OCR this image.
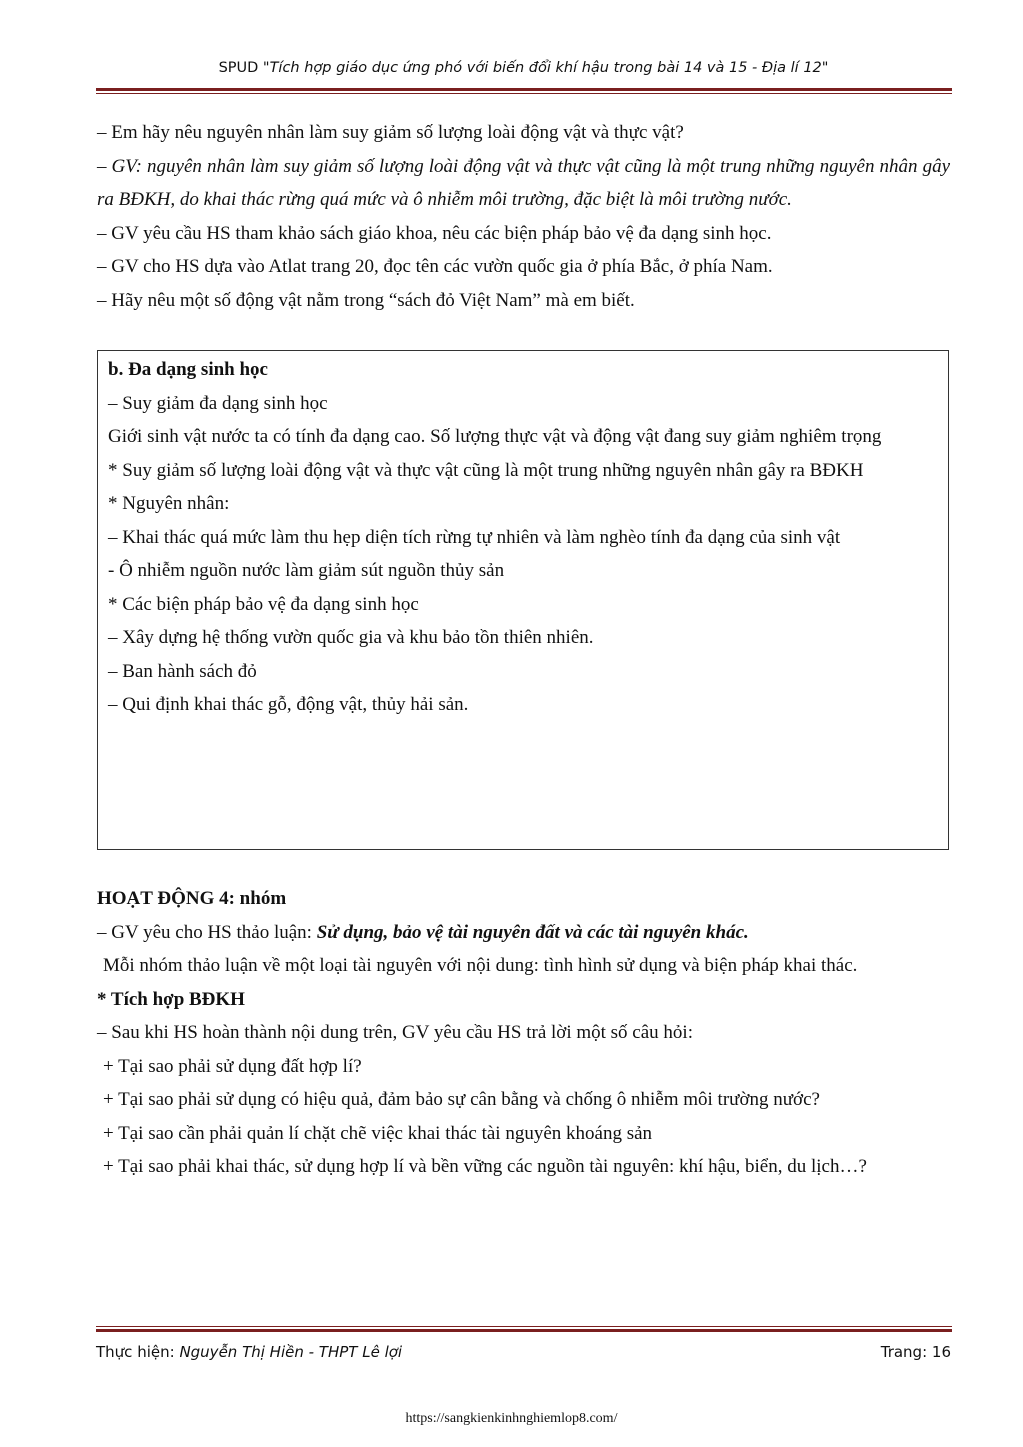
SPUD "Tích hợp giáo dục ứng phó với biến đổi khí hậu trong bài 14 và 15 - Địa lí 12"

– Em hãy nêu nguyên nhân làm suy giảm số lượng loài động vật và thực vật?

– GV: nguyên nhân làm suy giảm số lượng loài động vật và thực vật cũng là một trung những nguyên nhân gây ra BĐKH, do khai thác rừng quá mức và ô nhiễm môi trường, đặc biệt là môi trường nước.

– GV yêu cầu HS tham khảo sách giáo khoa, nêu các biện pháp bảo vệ đa dạng sinh học.

– GV cho HS dựa vào Atlat trang 20, đọc tên các vườn quốc gia ở phía Bắc, ở phía Nam.

– Hãy nêu một số động vật nằm trong “sách đỏ Việt Nam” mà em biết.

b. Đa dạng sinh học

– Suy giảm đa dạng sinh học

Giới sinh vật nước ta có tính đa dạng cao. Số lượng thực vật và động vật đang suy giảm nghiêm trọng

* Suy giảm số lượng loài động vật và thực vật cũng là một trung những nguyên nhân gây ra BĐKH

* Nguyên nhân:

– Khai thác quá mức làm thu hẹp diện tích rừng tự nhiên và làm nghèo tính đa dạng của sinh vật

- Ô nhiễm nguồn nước làm giảm sút nguồn thủy sản

* Các biện pháp bảo vệ đa dạng sinh học

– Xây dựng hệ thống vườn quốc gia và khu bảo tồn thiên nhiên.

– Ban hành sách đỏ

– Qui định khai thác gỗ, động vật, thủy hải sản.

HOẠT ĐỘNG 4: nhóm

– GV yêu cho HS thảo luận: Sử dụng, bảo vệ tài nguyên đất và các tài nguyên khác.

Mỗi nhóm thảo luận về một loại tài nguyên với nội dung: tình hình sử dụng và biện pháp khai thác.

* Tích hợp BĐKH

– Sau khi HS hoàn thành nội dung trên, GV yêu cầu HS trả lời một số câu hỏi:

+ Tại sao phải sử dụng đất hợp lí?

+ Tại sao phải sử dụng có hiệu quả, đảm bảo sự cân bằng và chống ô nhiễm môi trường nước?

+ Tại sao cần phải quản lí chặt chẽ việc khai thác tài nguyên khoáng sản

+ Tại sao phải khai thác, sử dụng hợp lí và bền vững các nguồn tài nguyên: khí hậu, biển, du lịch…?

Thực hiện: Nguyễn Thị Hiền - THPT Lê lợi	Trang: 16
https://sangkienkinhnghiemlop8.com/
